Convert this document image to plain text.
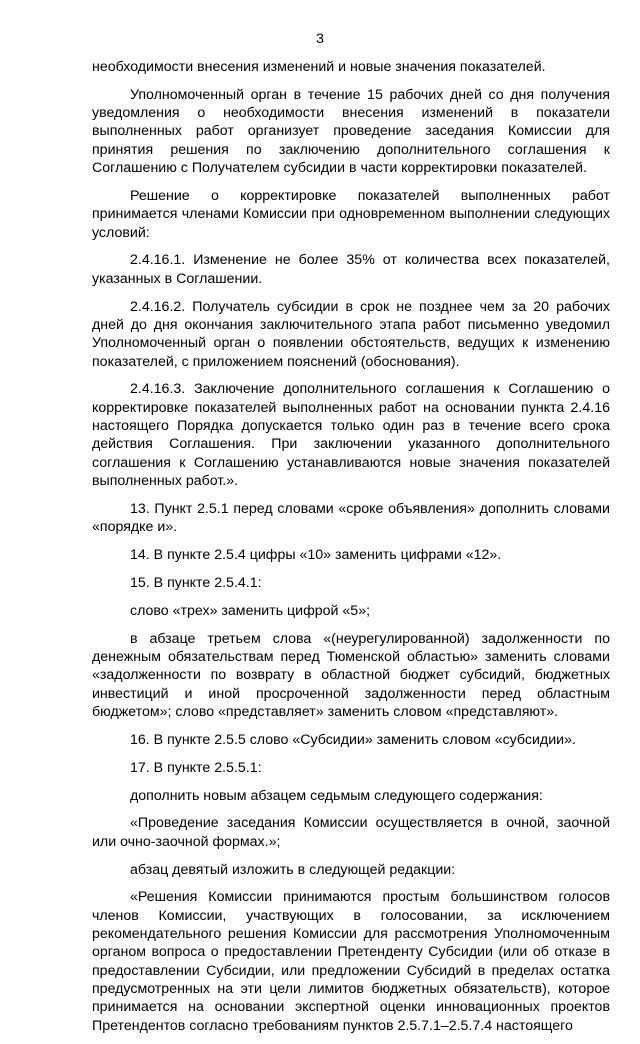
3

необходимости внесения изменений и новые значения показателей.

Уполномоченный орган в течение 15 рабочих дней со дня получения уведомления о необходимости внесения изменений в показатели выполненных работ организует проведение заседания Комиссии для принятия решения по заключению дополнительного соглашения к Соглашению с Получателем субсидии в части корректировки показателей.

Решение о корректировке показателей выполненных работ принимается членами Комиссии при одновременном выполнении следующих условий:

2.4.16.1. Изменение не более 35% от количества всех показателей, указанных в Соглашении.

2.4.16.2. Получатель субсидии в срок не позднее чем за 20 рабочих дней до дня окончания заключительного этапа работ письменно уведомил Уполномоченный орган о появлении обстоятельств, ведущих к изменению показателей, с приложением пояснений (обоснования).

2.4.16.3. Заключение дополнительного соглашения к Соглашению о корректировке показателей выполненных работ на основании пункта 2.4.16 настоящего Порядка допускается только один раз в течение всего срока действия Соглашения. При заключении указанного дополнительного соглашения к Соглашению устанавливаются новые значения показателей выполненных работ.».

13. Пункт 2.5.1 перед словами «сроке объявления» дополнить словами «порядке и».

14. В пункте 2.5.4 цифры «10» заменить цифрами «12».

15. В пункте 2.5.4.1:

слово «трех» заменить цифрой «5»;

в абзаце третьем слова «(неурегулированной) задолженности по денежным обязательствам перед Тюменской областью» заменить словами «задолженности по возврату в областной бюджет субсидий, бюджетных инвестиций и иной просроченной задолженности перед областным бюджетом»; слово «представляет» заменить словом «представляют».

16. В пункте 2.5.5 слово «Субсидии» заменить словом «субсидии».

17. В пункте 2.5.5.1:

дополнить новым абзацем седьмым следующего содержания:

«Проведение заседания Комиссии осуществляется в очной, заочной или очно-заочной формах.»;

абзац девятый изложить в следующей редакции:

«Решения Комиссии принимаются простым большинством голосов членов Комиссии, участвующих в голосовании, за исключением рекомендательного решения Комиссии для рассмотрения Уполномоченным органом вопроса о предоставлении Претенденту Субсидии (или об отказе в предоставлении Субсидии, или предложении Субсидий в пределах остатка предусмотренных на эти цели лимитов бюджетных обязательств), которое принимается на основании экспертной оценки инновационных проектов Претендентов согласно требованиям пунктов 2.5.7.1–2.5.7.4 настоящего
